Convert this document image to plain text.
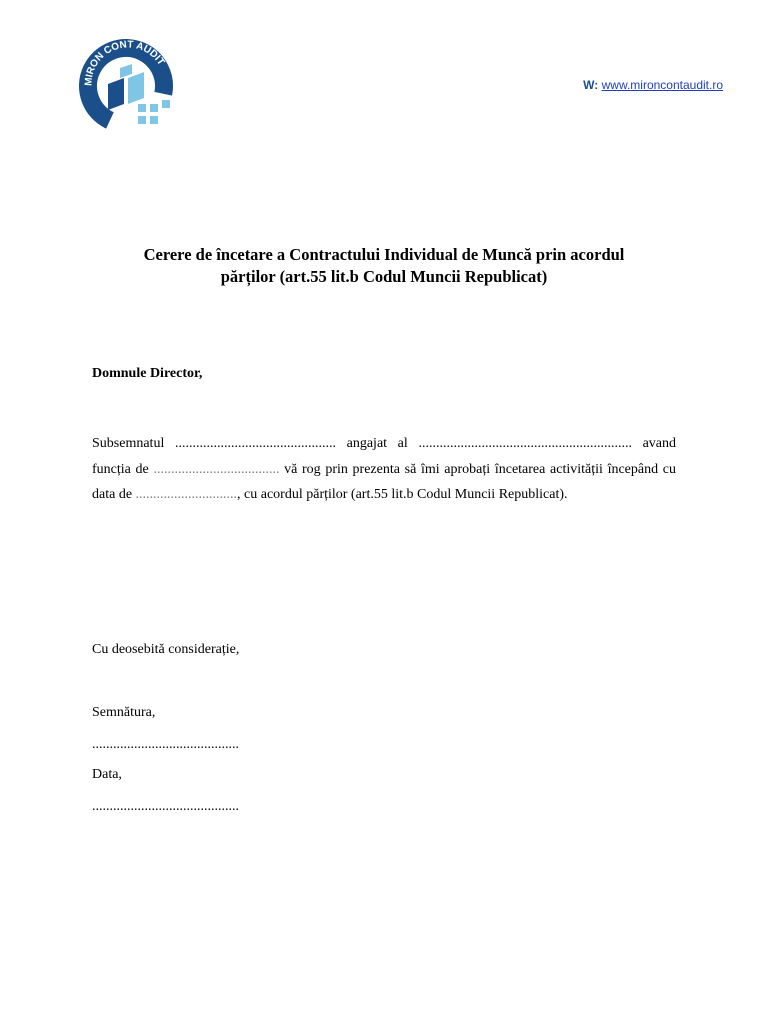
MIRON CONT AUDIT
W: www.mironcontaudit.ro
Cerere de încetare a Contractului Individual de Muncă prin acordul
părților (art.55 lit.b Codul Muncii Republicat)
Domnule Director,
Subsemnatul .............................................. angajat al ............................................................. avand funcția de .................................... vă rog prin prezenta să îmi aprobați încetarea activității începând cu data de ............................., cu acordul părților (art.55 lit.b Codul Muncii Republicat).
Cu deosebită considerație,
Semnătura,
..........................................
Data,
..........................................
